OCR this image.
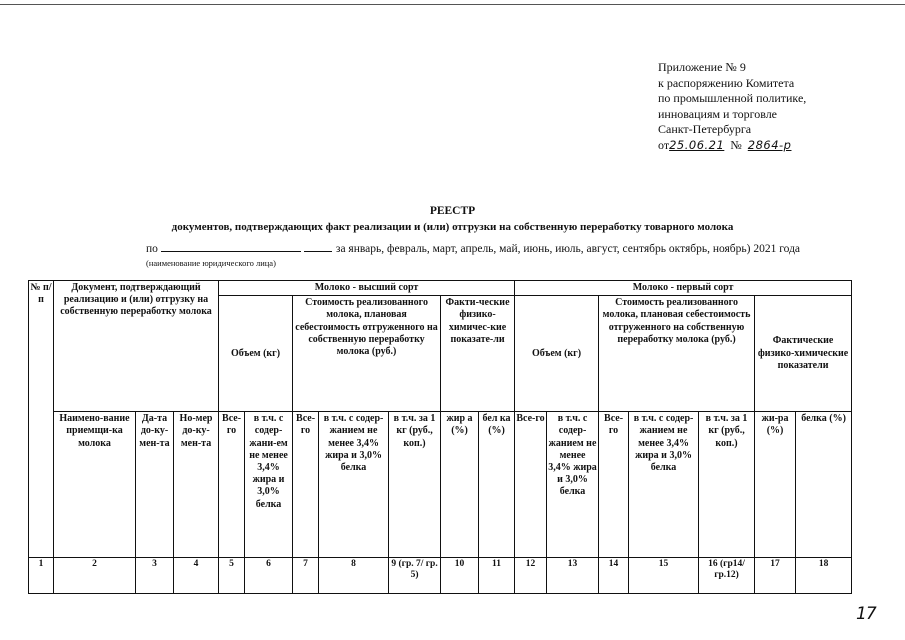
Приложение № 9
к распоряжению Комитета
по промышленной политике,
инновациям и торговле
Санкт-Петербурга
от25.06.21 № 2864-р
РЕЕСТР
документов, подтверждающих факт реализации и (или) отгрузки на собственную переработку товарного молока
по	за январь, февраль, март, апрель, май, июнь, июль, август, сентябрь октябрь, ноябрь) 2021 года
(наименование юридического лица)
№ п/п	Документ, подтверждающий реализацию и (или) отгрузку на собственную переработку молока			Молоко - высший сорт							Молоко - первый сорт						
				Объем (кг)		Стоимость реализованного молока, плановая себестоимость отгруженного на собственную переработку молока (руб.)			Факти-ческие физико-химичес-кие показате-ли		Объем (кг)		Стоимость реализованного молока, плановая себестоимость отгруженного на собственную переработку молока (руб.)			Фактические физико-химические показатели	
	Наимено-вание приемщи-ка молока	Да-та до-ку-мен-та	Но-мер до-ку-мен-та	Все-го	в т.ч. с содер-жани-ем не менее 3,4% жира и 3,0% белка	Все-го	в т.ч. с содер-жанием не менее 3,4% жира и 3,0% белка	в т.ч. за 1 кг (руб., коп.)	жир а (%)	бел ка (%)	Все-го	в т.ч. с содер-жанием не менее 3,4% жира и 3,0% белка	Все-го	в т.ч. с содер-жанием не менее 3,4% жира и 3,0% белка	в т.ч. за 1 кг (руб., коп.)	жи-ра (%)	белка (%)
1	2	3	4	5	6	7	8	9 (гр. 7/ гр. 5)	10	11	12	13	14	15	16 (гр14/ гр.12)	17	18
17
